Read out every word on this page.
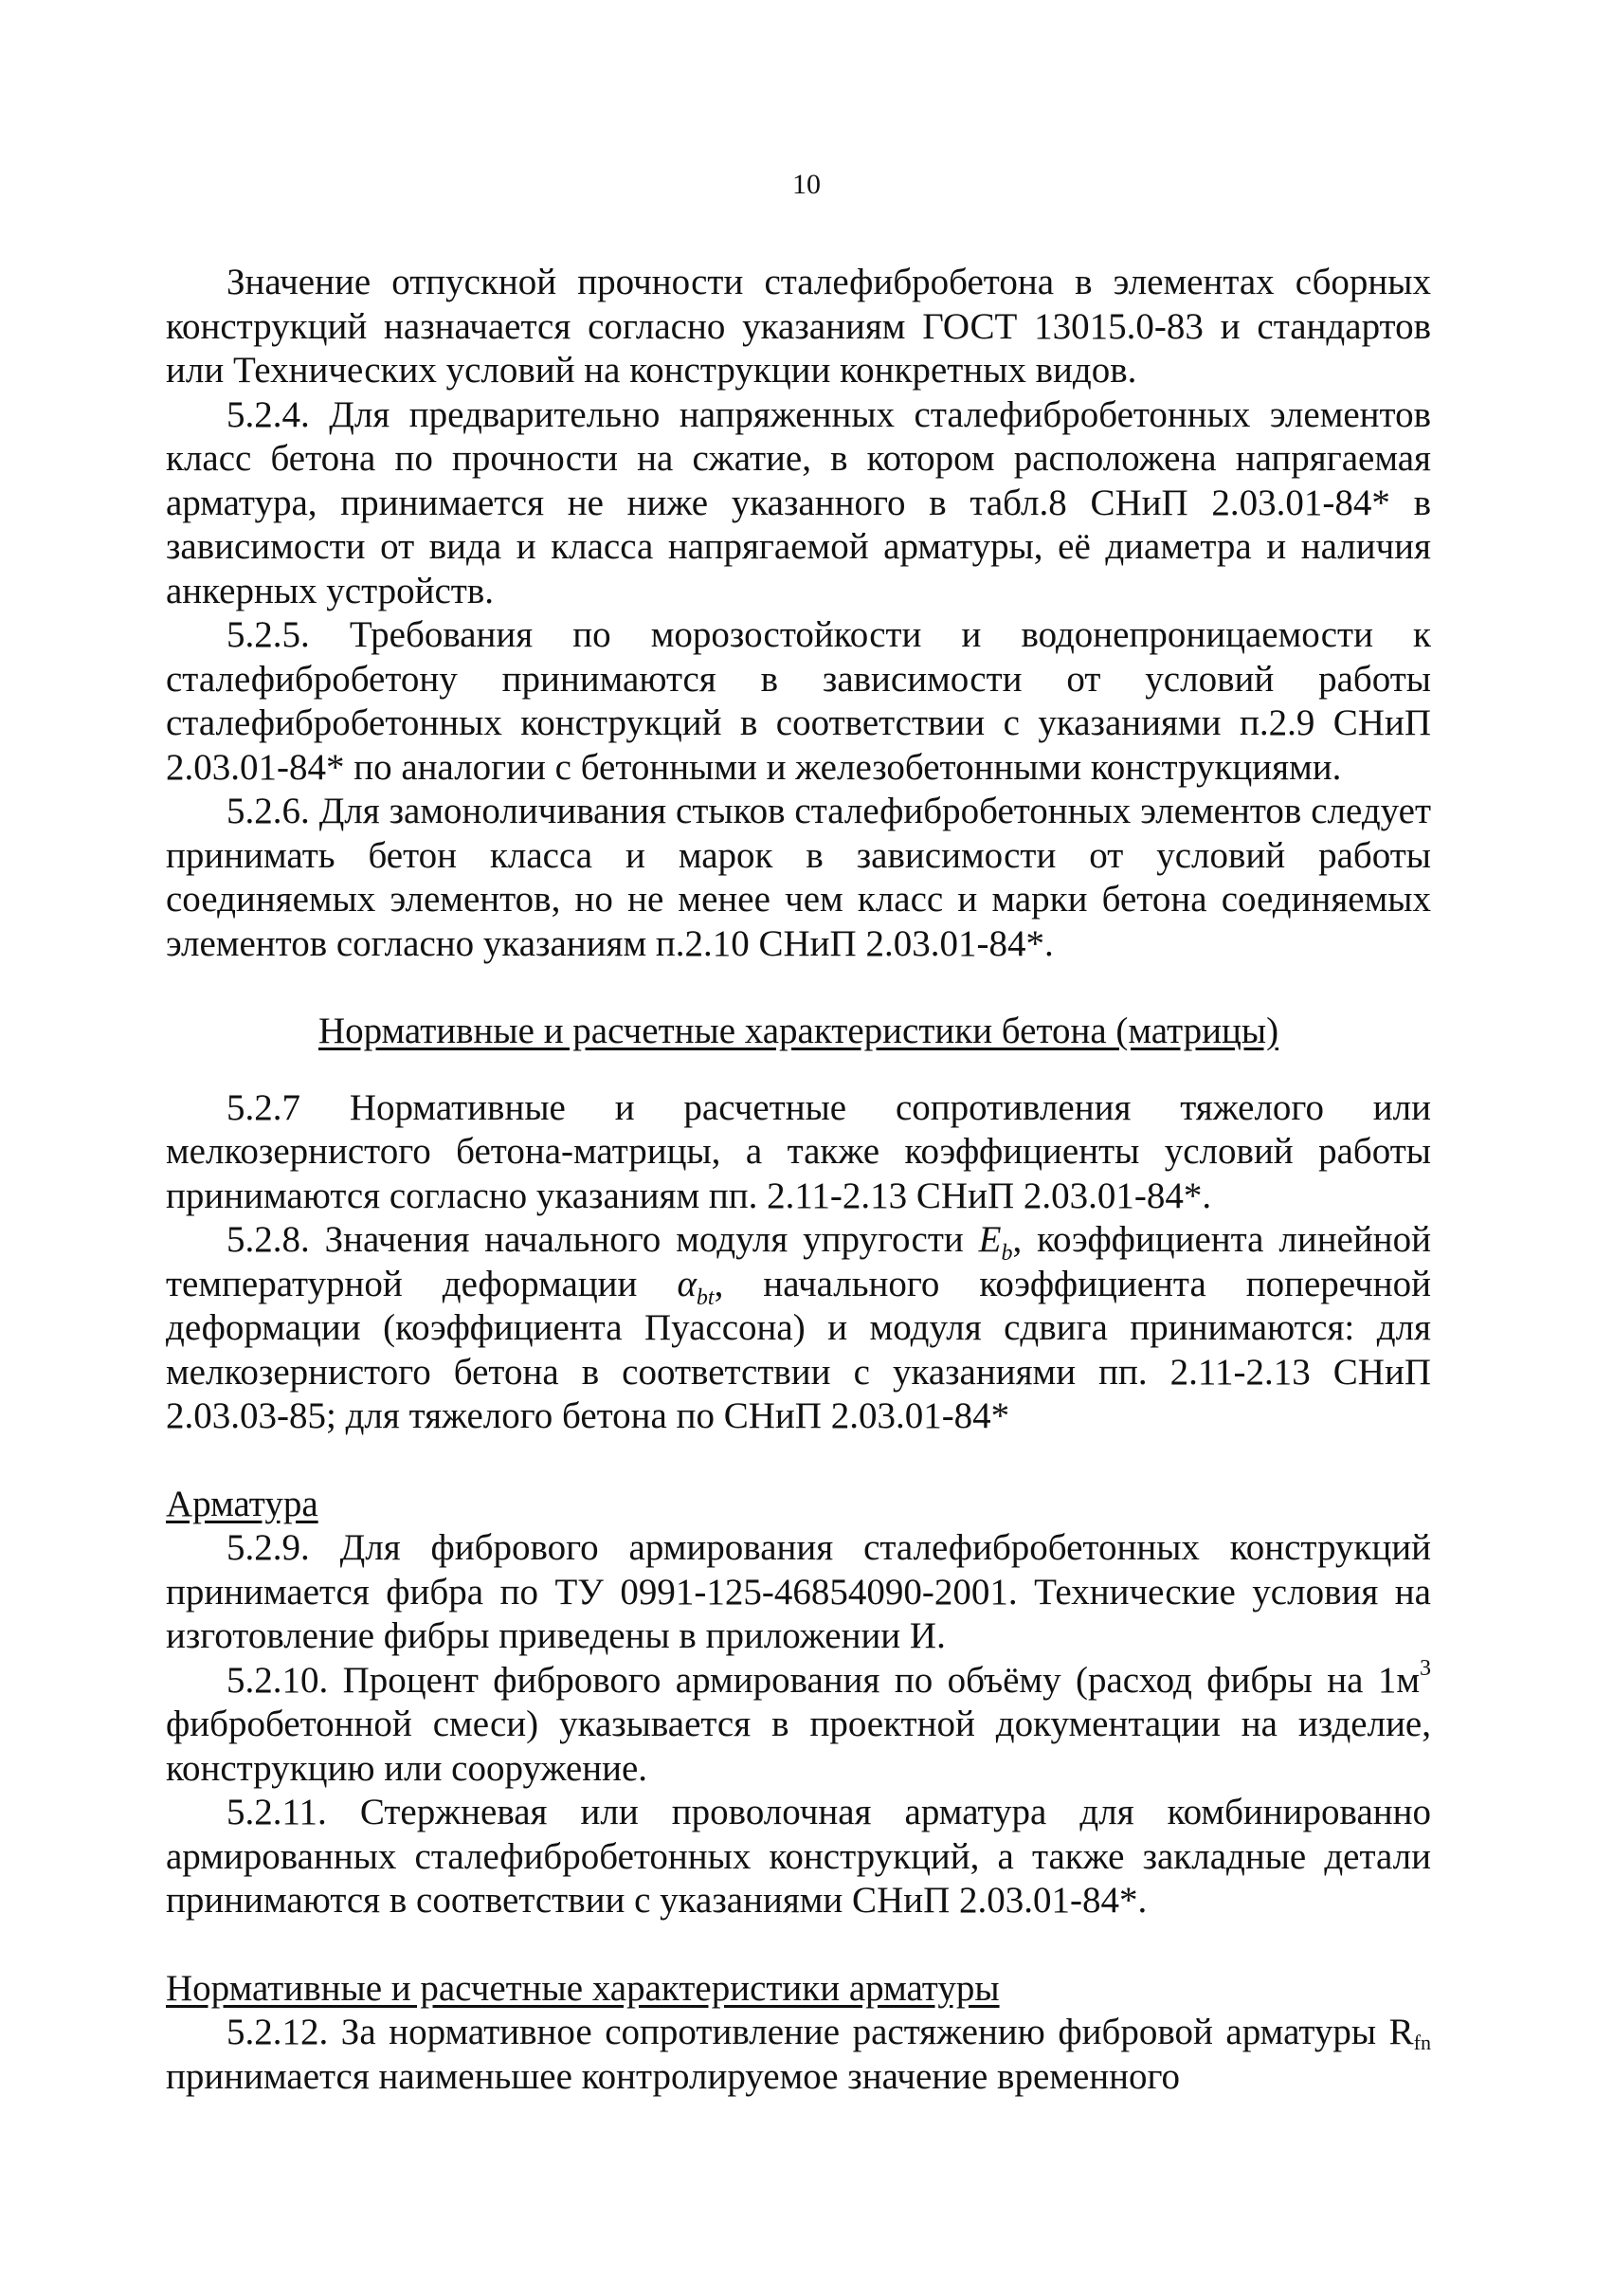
10

Значение отпускной прочности сталефибробетона в элементах сборных конструкций назначается согласно указаниям ГОСТ 13015.0-83 и стандартов или Технических условий на конструкции конкретных видов.

5.2.4. Для предварительно напряженных сталефибробетонных элементов класс бетона по прочности на сжатие, в котором расположена напрягаемая арматура, принимается не ниже указанного в табл.8 СНиП 2.03.01-84* в зависимости от вида и класса напрягаемой арматуры, её диаметра и наличия анкерных устройств.

5.2.5. Требования по морозостойкости и водонепроницаемости к сталефибробетону принимаются в зависимости от условий работы сталефибробетонных конструкций в соответствии с указаниями п.2.9 СНиП 2.03.01-84* по аналогии с бетонными и железобетонными конструкциями.

5.2.6. Для замоноличивания стыков сталефибробетонных элементов следует принимать бетон класса и марок в зависимости от условий работы соединяемых элементов, но не менее чем класс и марки бетона соединяемых элементов согласно указаниям п.2.10 СНиП 2.03.01-84*.

Нормативные и расчетные характеристики бетона (матрицы)

5.2.7 Нормативные и расчетные сопротивления тяжелого или мелкозернистого бетона-матрицы, а также коэффициенты условий работы принимаются согласно указаниям пп. 2.11-2.13 СНиП 2.03.01-84*.

5.2.8. Значения начального модуля упругости $E_b$, коэффициента линейной температурной деформации $\alpha_{bt}$, начального коэффициента поперечной деформации (коэффициента Пуассона) и модуля сдвига принимаются: для мелкозернистого бетона в соответствии с указаниями пп. 2.11-2.13 СНиП 2.03.03-85; для тяжелого бетона по СНиП 2.03.01-84*

Арматура

5.2.9. Для фибрового армирования сталефибробетонных конструкций принимается фибра по ТУ 0991-125-46854090-2001. Технические условия на изготовление фибры приведены в приложении И.

5.2.10. Процент фибрового армирования по объёму (расход фибры на $1м^3$ фибробетонной смеси) указывается в проектной документации на изделие, конструкцию или сооружение.

5.2.11. Стержневая или проволочная арматура для комбинированно армированных сталефибробетонных конструкций, а также закладные детали принимаются в соответствии с указаниями СНиП 2.03.01-84*.

Нормативные и расчетные характеристики арматуры

5.2.12. За нормативное сопротивление растяжению фибровой арматуры Rfn принимается наименьшее контролируемое значение временного
